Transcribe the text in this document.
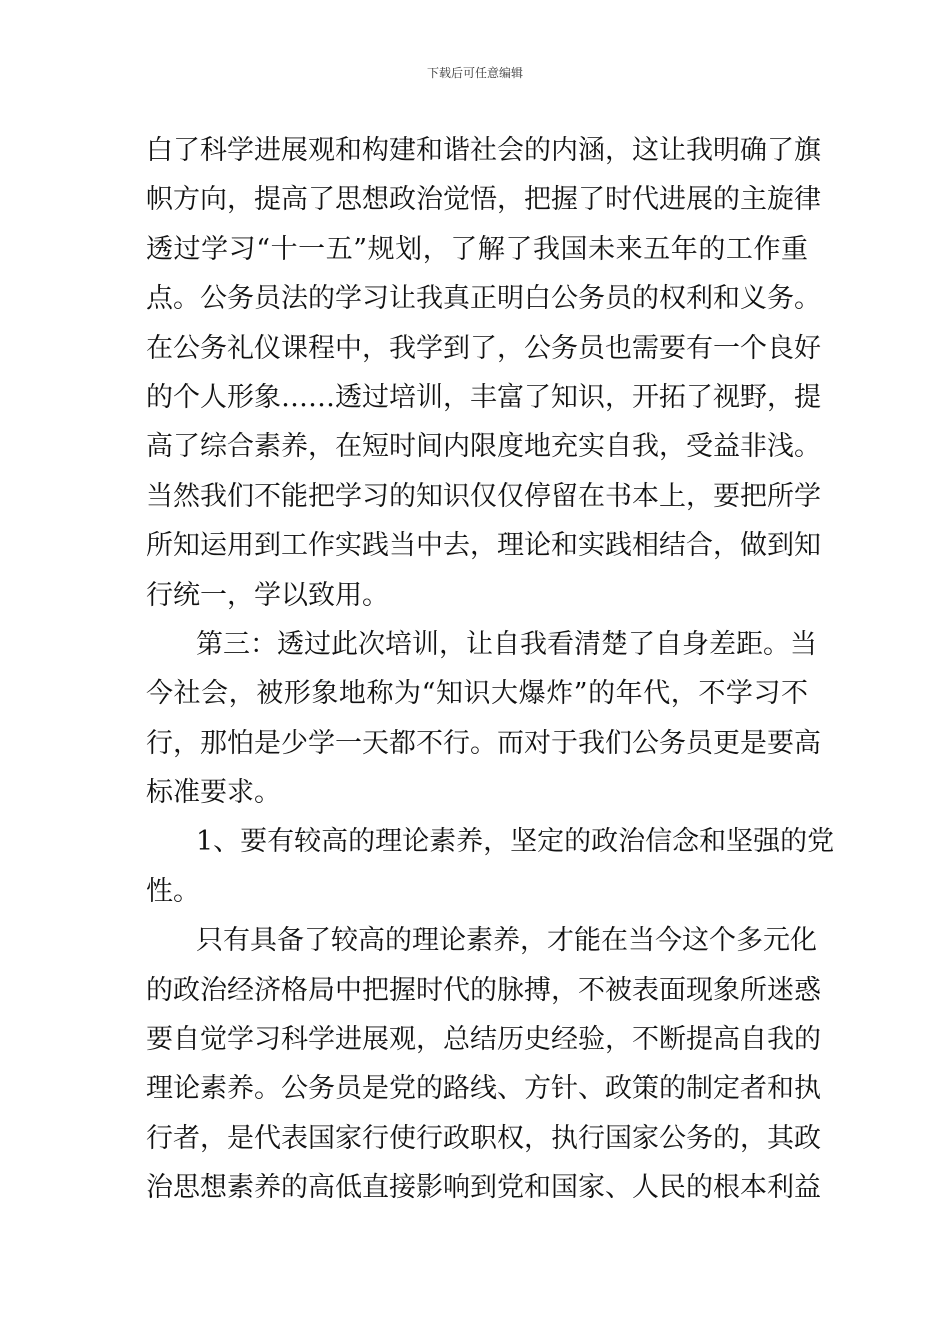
下载后可任意编辑
白了科学进展观和构建和谐社会的内涵，这让我明确了旗
帜方向，提高了思想政治觉悟，把握了时代进展的主旋律
透过学习“十一五”规划，了解了我国未来五年的工作重
点。公务员法的学习让我真正明白公务员的权利和义务。
在公务礼仪课程中，我学到了，公务员也需要有一个良好
的个人形象……透过培训，丰富了知识，开拓了视野，提
高了综合素养，在短时间内限度地充实自我，受益非浅。
当然我们不能把学习的知识仅仅停留在书本上，要把所学
所知运用到工作实践当中去，理论和实践相结合，做到知
行统一，学以致用。
第三：透过此次培训，让自我看清楚了自身差距。当
今社会，被形象地称为“知识大爆炸”的年代，不学习不
行，那怕是少学一天都不行。而对于我们公务员更是要高
标准要求。
1、要有较高的理论素养，坚定的政治信念和坚强的党
性。
只有具备了较高的理论素养，才能在当今这个多元化
的政治经济格局中把握时代的脉搏，不被表面现象所迷惑
要自觉学习科学进展观，总结历史经验，不断提高自我的
理论素养。公务员是党的路线、方针、政策的制定者和执
行者，是代表国家行使行政职权，执行国家公务的，其政
治思想素养的高低直接影响到党和国家、人民的根本利益
